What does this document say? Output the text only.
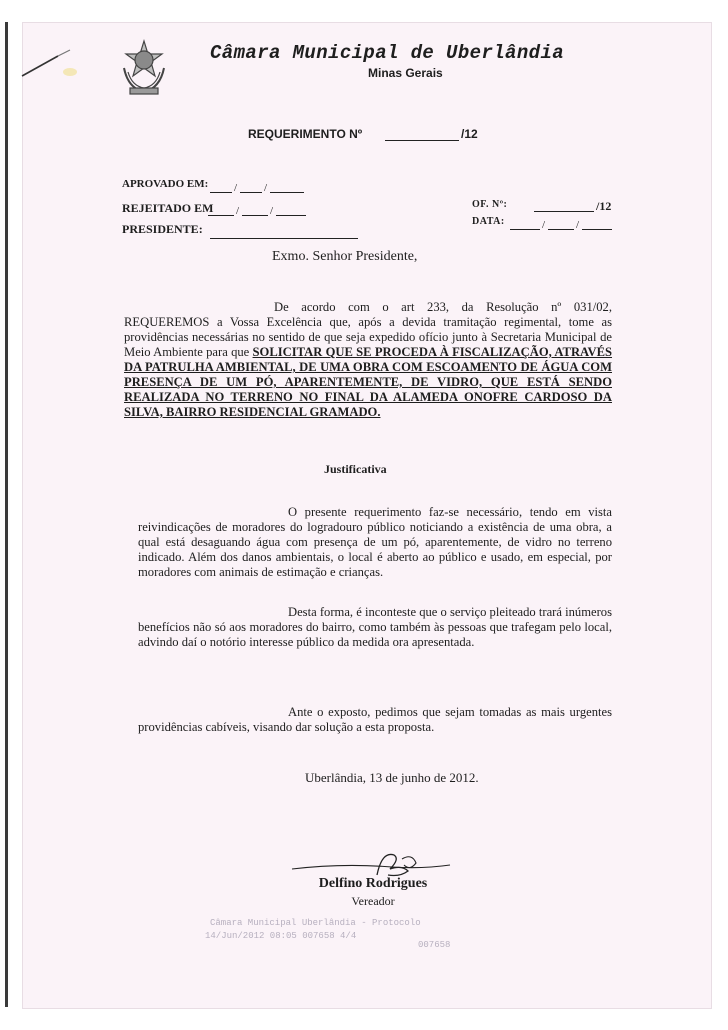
Câmara Municipal de Uberlândia
Minas Gerais
REQUERIMENTO Nº	/12
APROVADO EM: / /
REJEITADO EM /	/
PRESIDENTE:
OF. Nº:	/12
DATA:	/	/
Exmo. Senhor Presidente,
De acordo com o art 233, da Resolução nº 031/02, REQUEREMOS a Vossa Excelência que, após a devida tramitação regimental, tome as providências necessárias no sentido de que seja expedido ofício junto à Secretaria Municipal de Meio Ambiente para que SOLICITAR QUE SE PROCEDA À FISCALIZAÇÃO, ATRAVÉS DA PATRULHA AMBIENTAL, DE UMA OBRA COM ESCOAMENTO DE ÁGUA COM PRESENÇA DE UM PÓ, APARENTEMENTE, DE VIDRO, QUE ESTÁ SENDO REALIZADA NO TERRENO NO FINAL DA ALAMEDA ONOFRE CARDOSO DA SILVA, BAIRRO RESIDENCIAL GRAMADO.
Justificativa
O presente requerimento faz-se necessário, tendo em vista reivindicações de moradores do logradouro público noticiando a existência de uma obra, a qual está desaguando água com presença de um pó, aparentemente, de vidro no terreno indicado. Além dos danos ambientais, o local é aberto ao público e usado, em especial, por moradores com animais de estimação e crianças.
Desta forma, é inconteste que o serviço pleiteado trará inúmeros benefícios não só aos moradores do bairro, como também às pessoas que trafegam pelo local, advindo daí o notório interesse público da medida ora apresentada.
Ante o exposto, pedimos que sejam tomadas as mais urgentes providências cabíveis, visando dar solução a esta proposta.
Uberlândia, 13 de junho de 2012.
Delfino Rodrigues
Vereador
Câmara Municipal Uberlândia - Protocolo
14/Jun/2012 08:05 007658 4/4
007658
